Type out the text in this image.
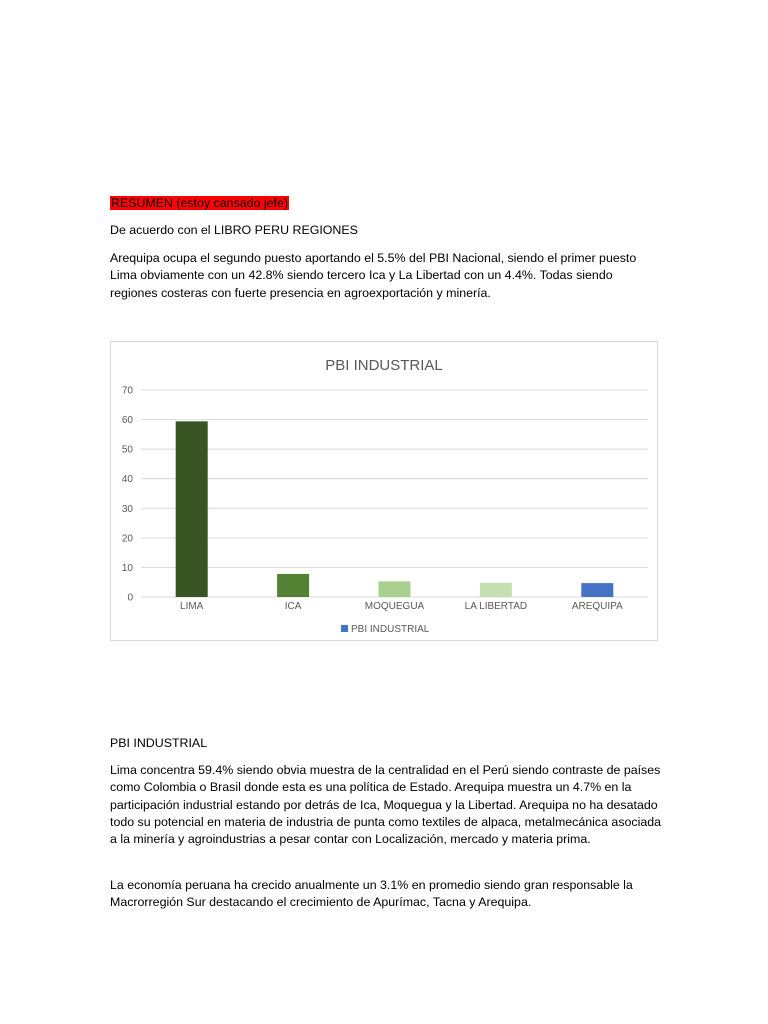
RESUMEN (estoy cansado jefe)

De acuerdo con el LIBRO PERU REGIONES

Arequipa ocupa el segundo puesto aportando el 5.5% del PBI Nacional, siendo el primer puesto Lima obviamente con un 42.8% siendo tercero Ica y La Libertad con un 4.4%. Todas siendo regiones costeras con fuerte presencia en agroexportación y minería.

PBI INDUSTRIAL
0
10
20
30
40
50
60
70
LIMA	ICA	MOQUEGUA	LA LIBERTAD	AREQUIPA
PBI INDUSTRIAL

PBI INDUSTRIAL

Lima concentra 59.4% siendo obvia muestra de la centralidad en el Perú siendo contraste de países como Colombia o Brasil donde esta es una política de Estado. Arequipa muestra un 4.7% en la participación industrial estando por detrás de Ica, Moquegua y la Libertad. Arequipa no ha desatado todo su potencial en materia de industria de punta como textiles de alpaca, metalmecánica asociada a la minería y agroindustrias a pesar contar con Localización, mercado y materia prima.

La economía peruana ha crecido anualmente un 3.1% en promedio siendo gran responsable la Macrorregión Sur destacando el crecimiento de Apurímac, Tacna y Arequipa.
